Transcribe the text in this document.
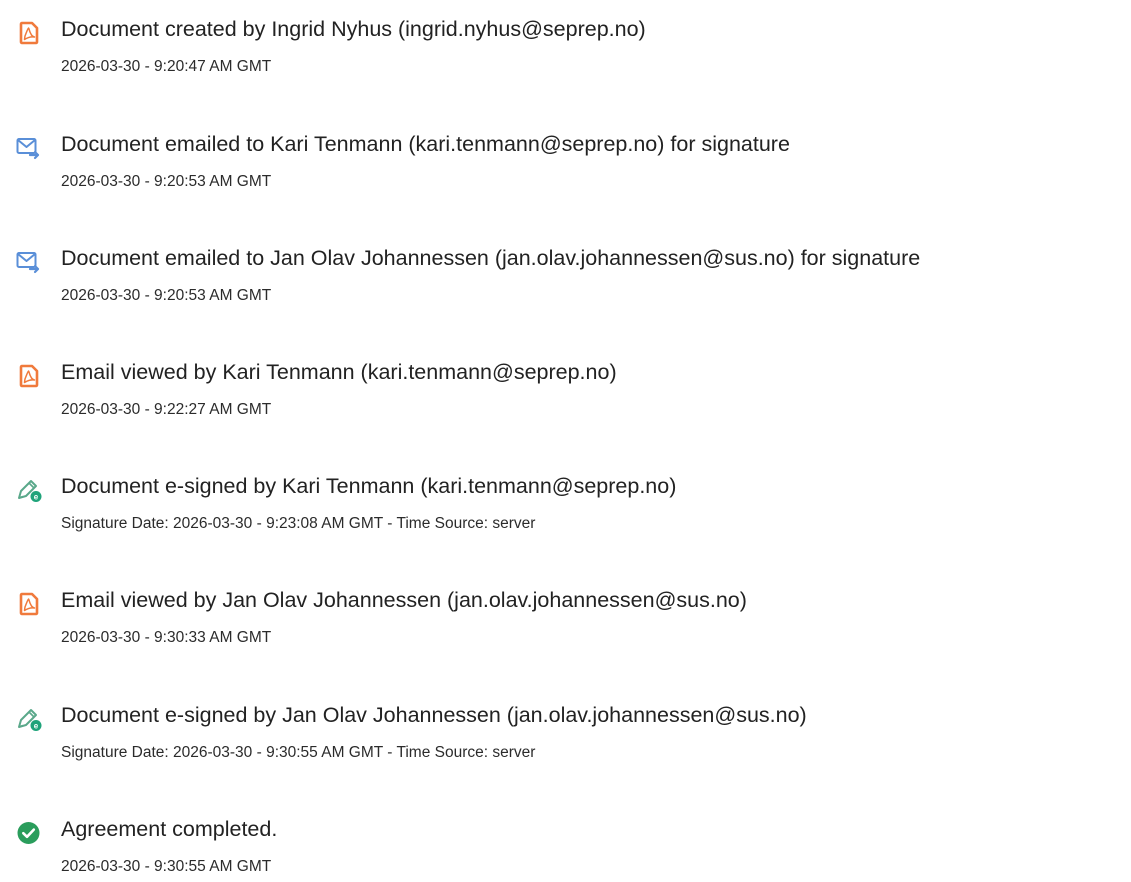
Document created by Ingrid Nyhus (ingrid.nyhus@seprep.no)
2026-03-30 - 9:20:47 AM GMT
Document emailed to Kari Tenmann (kari.tenmann@seprep.no) for signature
2026-03-30 - 9:20:53 AM GMT
Document emailed to Jan Olav Johannessen (jan.olav.johannessen@sus.no) for signature
2026-03-30 - 9:20:53 AM GMT
Email viewed by Kari Tenmann (kari.tenmann@seprep.no)
2026-03-30 - 9:22:27 AM GMT
e Document e-signed by Kari Tenmann (kari.tenmann@seprep.no)
Signature Date: 2026-03-30 - 9:23:08 AM GMT - Time Source: server
Email viewed by Jan Olav Johannessen (jan.olav.johannessen@sus.no)
2026-03-30 - 9:30:33 AM GMT
e Document e-signed by Jan Olav Johannessen (jan.olav.johannessen@sus.no)
Signature Date: 2026-03-30 - 9:30:55 AM GMT - Time Source: server
Agreement completed.
2026-03-30 - 9:30:55 AM GMT
